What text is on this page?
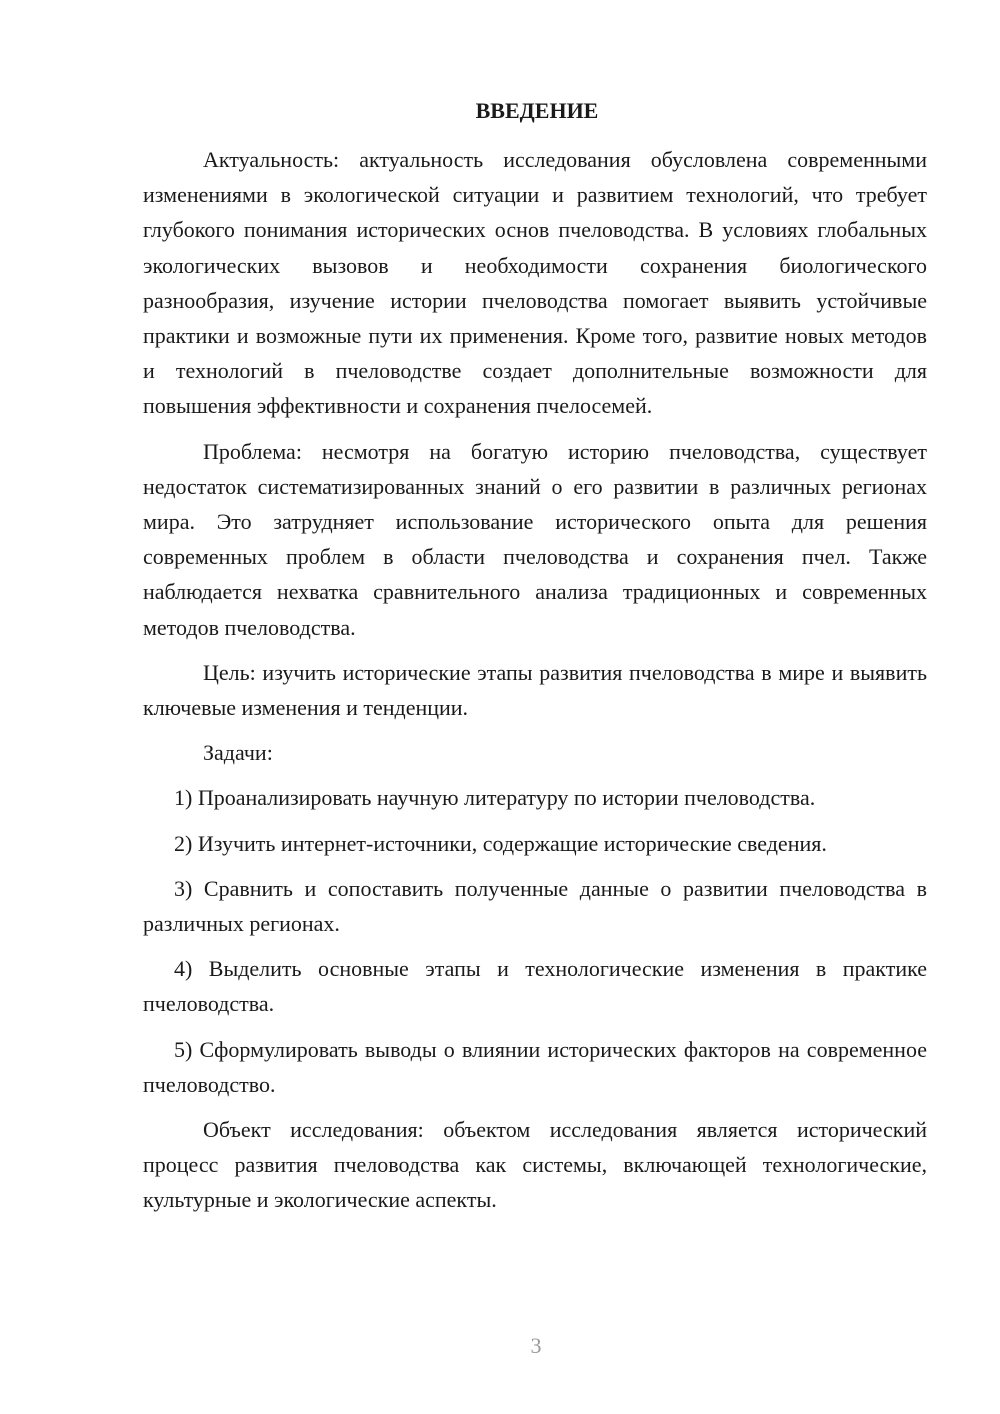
ВВЕДЕНИЕ

Актуальность: актуальность исследования обусловлена современными изменениями в экологической ситуации и развитием технологий, что требует глубокого понимания исторических основ пчеловодства. В условиях глобальных экологических вызовов и необходимости сохранения биологического разнообразия, изучение истории пчеловодства помогает выявить устойчивые практики и возможные пути их применения. Кроме того, развитие новых методов и технологий в пчеловодстве создает дополнительные возможности для повышения эффективности и сохранения пчелосемей.

Проблема: несмотря на богатую историю пчеловодства, существует недостаток систематизированных знаний о его развитии в различных регионах мира. Это затрудняет использование исторического опыта для решения современных проблем в области пчеловодства и сохранения пчел. Также наблюдается нехватка сравнительного анализа традиционных и современных методов пчеловодства.

Цель: изучить исторические этапы развития пчеловодства в мире и выявить ключевые изменения и тенденции.

Задачи:

1) Проанализировать научную литературу по истории пчеловодства.

2) Изучить интернет-источники, содержащие исторические сведения.

3) Сравнить и сопоставить полученные данные о развитии пчеловодства в различных регионах.

4) Выделить основные этапы и технологические изменения в практике пчеловодства.

5) Сформулировать выводы о влиянии исторических факторов на современное пчеловодство.

Объект исследования: объектом исследования является исторический процесс развития пчеловодства как системы, включающей технологические, культурные и экологические аспекты.

3
